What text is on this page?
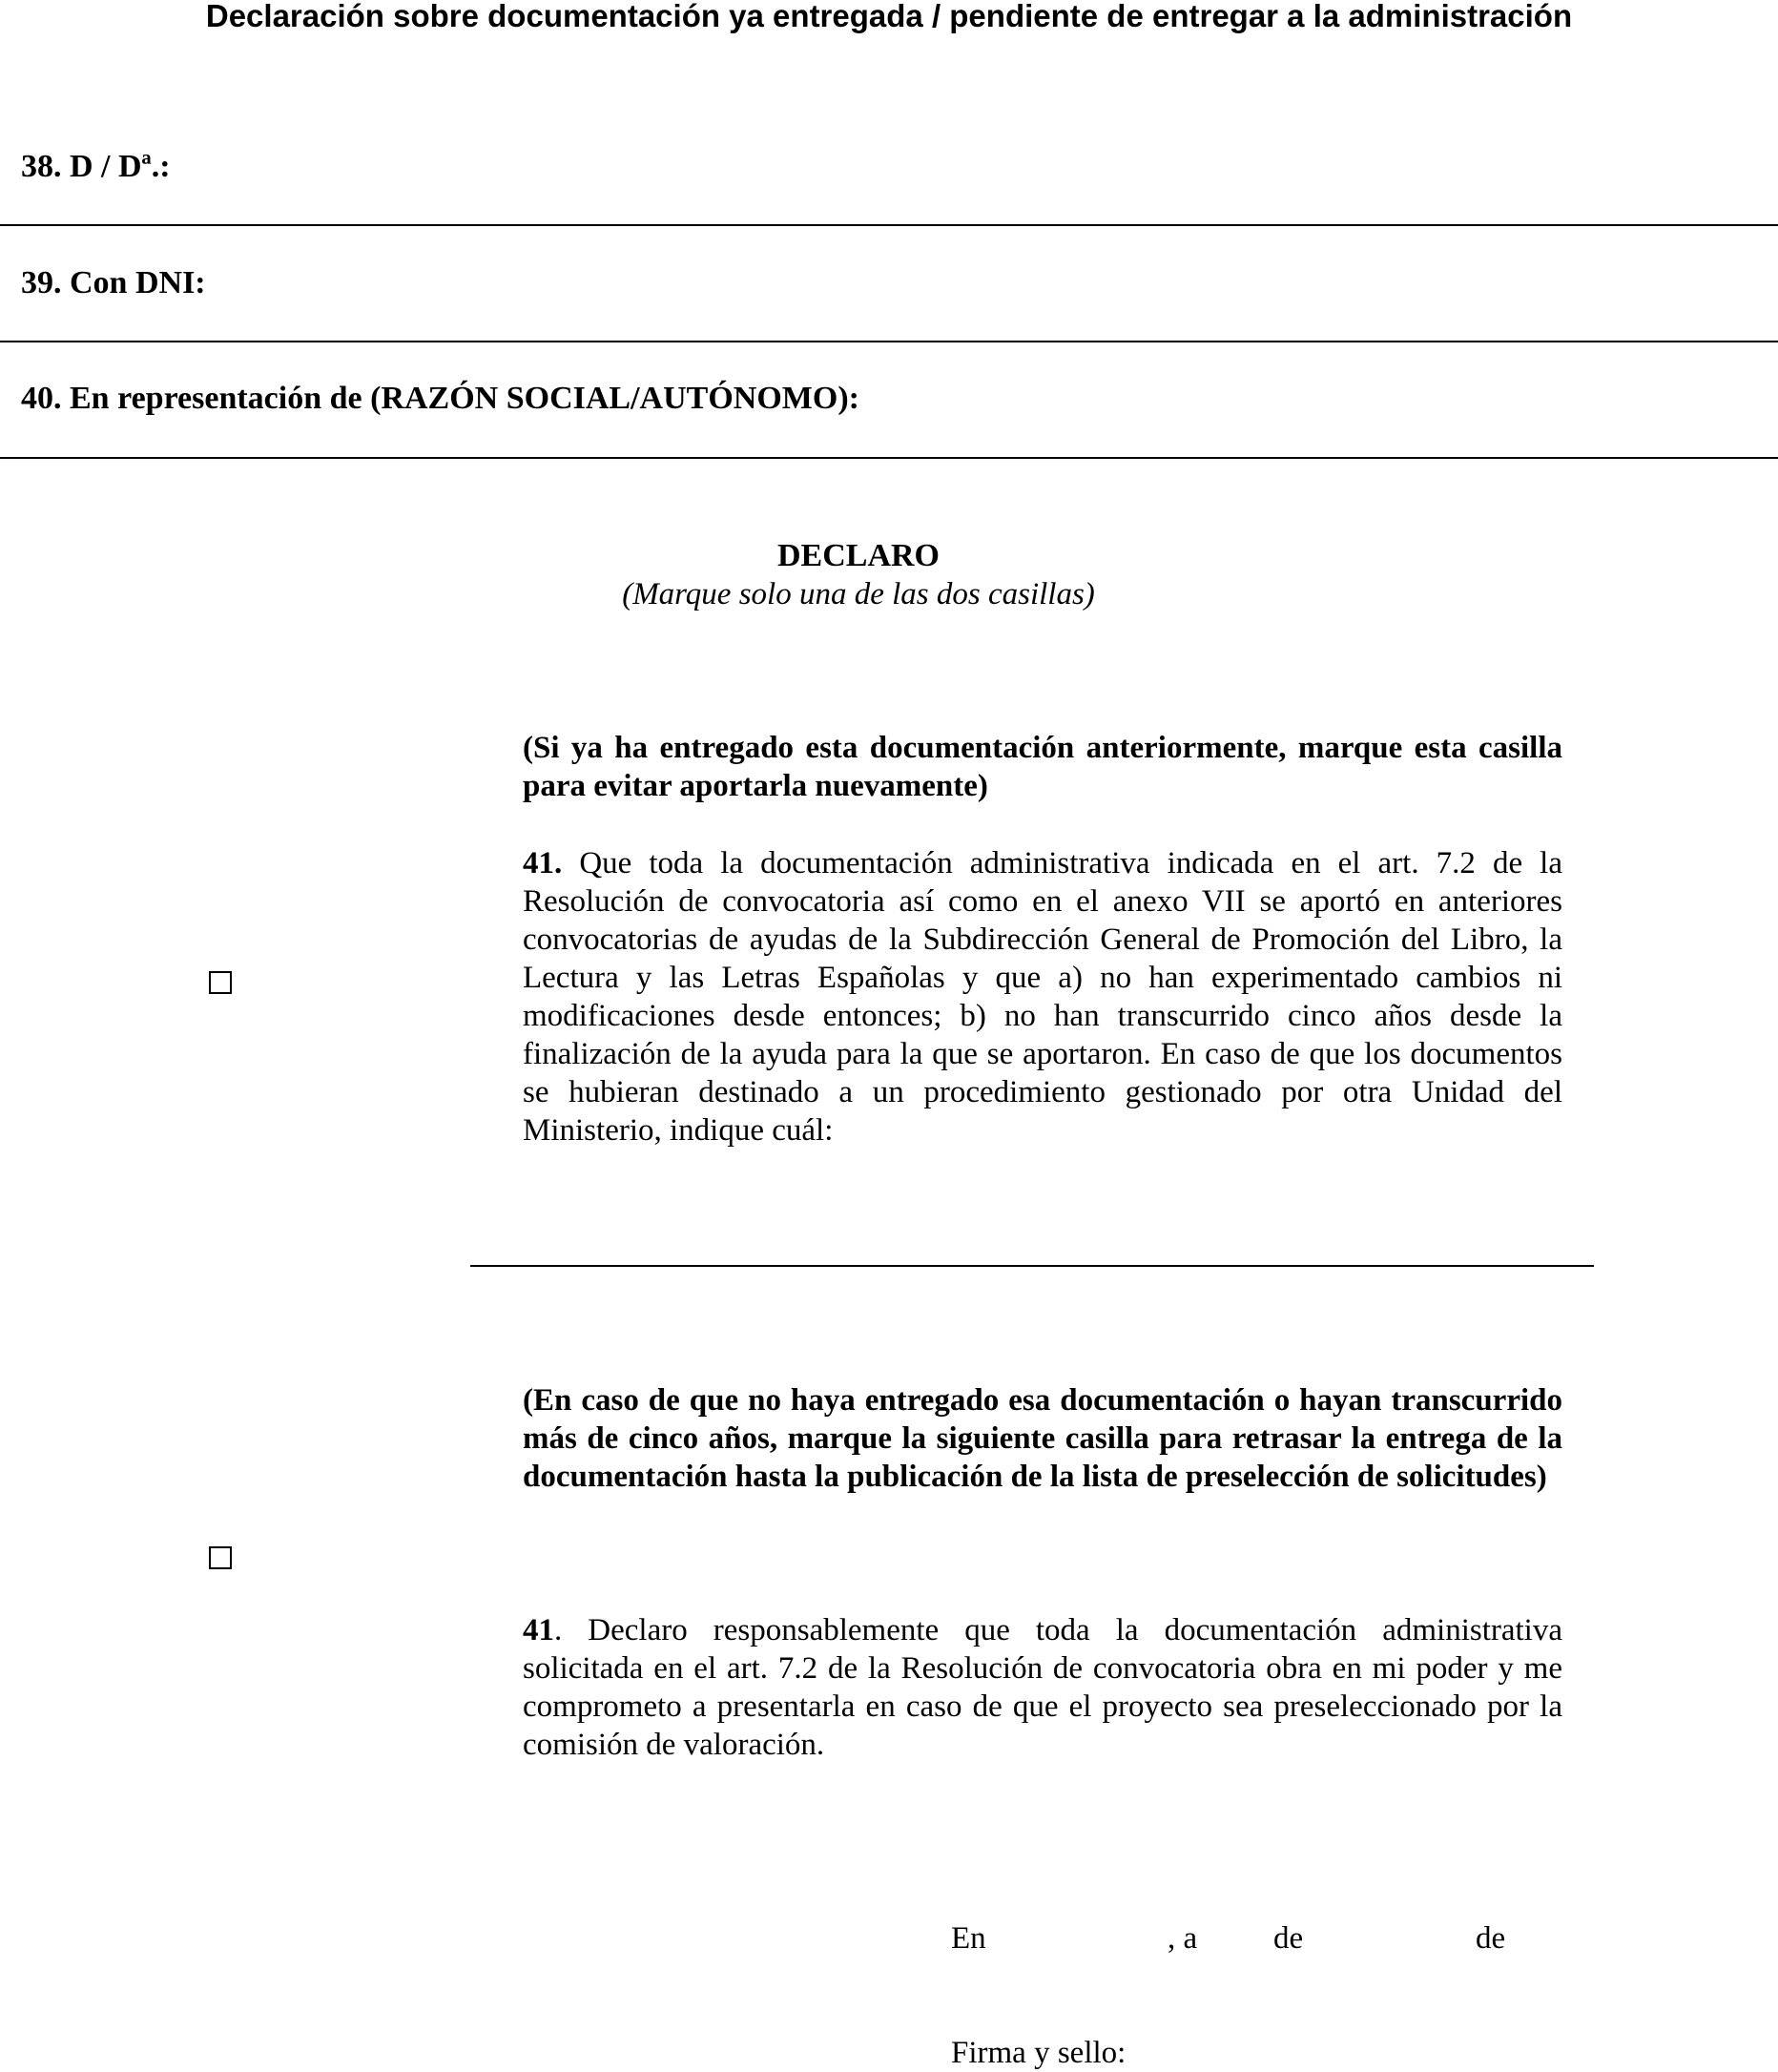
Declaración sobre documentación ya entregada / pendiente de entregar a la administración
38. D / Dª.:
39. Con DNI:
40. En representación de (RAZÓN SOCIAL/AUTÓNOMO):
DECLARO
(Marque solo una de las dos casillas)
(Si ya ha entregado esta documentación anteriormente, marque esta casilla para evitar aportarla nuevamente)
41. Que toda la documentación administrativa indicada en el art. 7.2 de la Resolución de convocatoria así como en el anexo VII se aportó en anteriores convocatorias de ayudas de la Subdirección General de Promoción del Libro, la Lectura y las Letras Españolas y que a) no han experimentado cambios ni modificaciones desde entonces; b) no han transcurrido cinco años desde la finalización de la ayuda para la que se aportaron. En caso de que los documentos se hubieran destinado a un procedimiento gestionado por otra Unidad del Ministerio, indique cuál:
(En caso de que no haya entregado esa documentación o hayan transcurrido más de cinco años, marque la siguiente casilla para retrasar la entrega de la documentación hasta la publicación de la lista de preselección de solicitudes)
41. Declaro responsablemente que toda la documentación administrativa solicitada en el art. 7.2 de la Resolución de convocatoria obra en mi poder y me comprometo a presentarla en caso de que el proyecto sea preseleccionado por la comisión de valoración.
En	, a de	de
Firma y sello:
